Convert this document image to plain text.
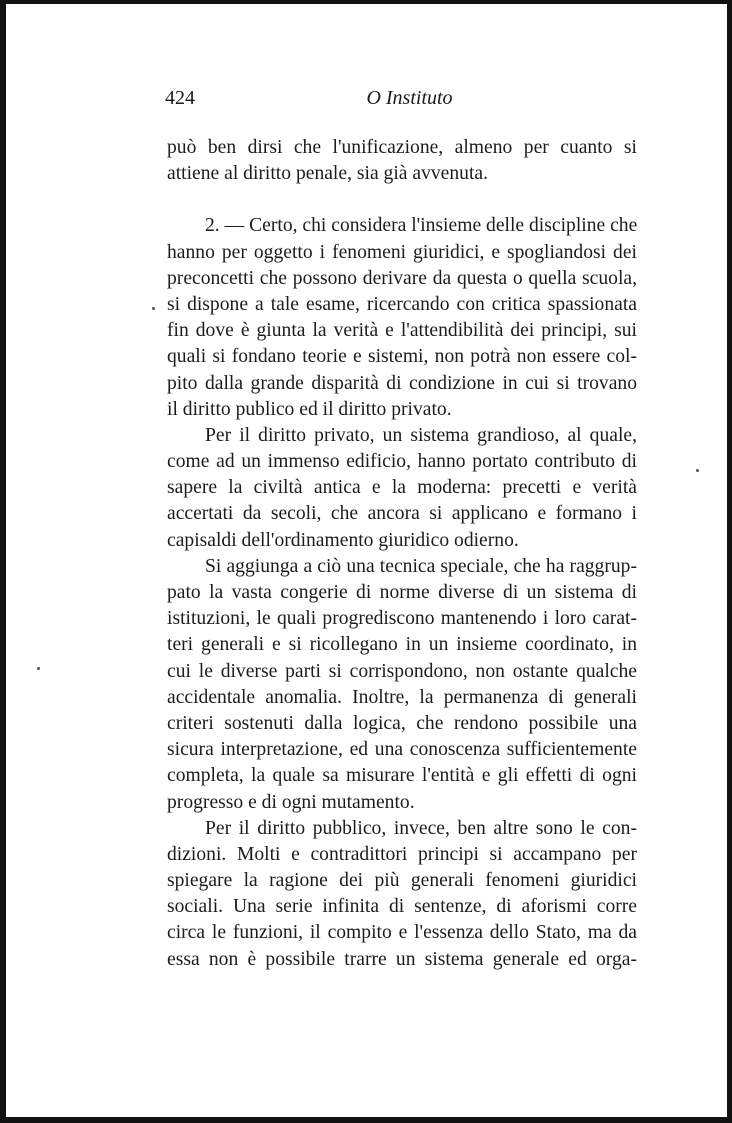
424	O Instituto
può ben dirsi che l'unificazione, almeno per cuanto si
attiene al diritto penale, sia già avvenuta.
2. — Certo, chi considera l'insieme delle discipline che
hanno per oggetto i fenomeni giuridici, e spogliandosi dei
preconcetti che possono derivare da questa o quella scuola,
si dispone a tale esame, ricercando con critica spassionata
fin dove è giunta la verità e l'attendibilità dei principi, sui
quali si fondano teorie e sistemi, non potrà non essere col-
pito dalla grande disparità di condizione in cui si trovano
il diritto publico ed il diritto privato.
Per il diritto privato, un sistema grandioso, al quale,
come ad un immenso edificio, hanno portato contributo di
sapere la civiltà antica e la moderna: precetti e verità
accertati da secoli, che ancora si applicano e formano i
capisaldi dell'ordinamento giuridico odierno.
Si aggiunga a ciò una tecnica speciale, che ha raggrup-
pato la vasta congerie di norme diverse di un sistema di
istituzioni, le quali progrediscono mantenendo i loro carat-
teri generali e si ricollegano in un insieme coordinato, in
cui le diverse parti si corrispondono, non ostante qualche
accidentale anomalia. Inoltre, la permanenza di generali
criteri sostenuti dalla logica, che rendono possibile una
sicura interpretazione, ed una conoscenza sufficientemente
completa, la quale sa misurare l'entità e gli effetti di ogni
progresso e di ogni mutamento.
Per il diritto pubblico, invece, ben altre sono le con-
dizioni. Molti e contradittori principi si accampano per
spiegare la ragione dei più generali fenomeni giuridici
sociali. Una serie infinita di sentenze, di aforismi corre
circa le funzioni, il compito e l'essenza dello Stato, ma da
essa non è possibile trarre un sistema generale ed orga-
